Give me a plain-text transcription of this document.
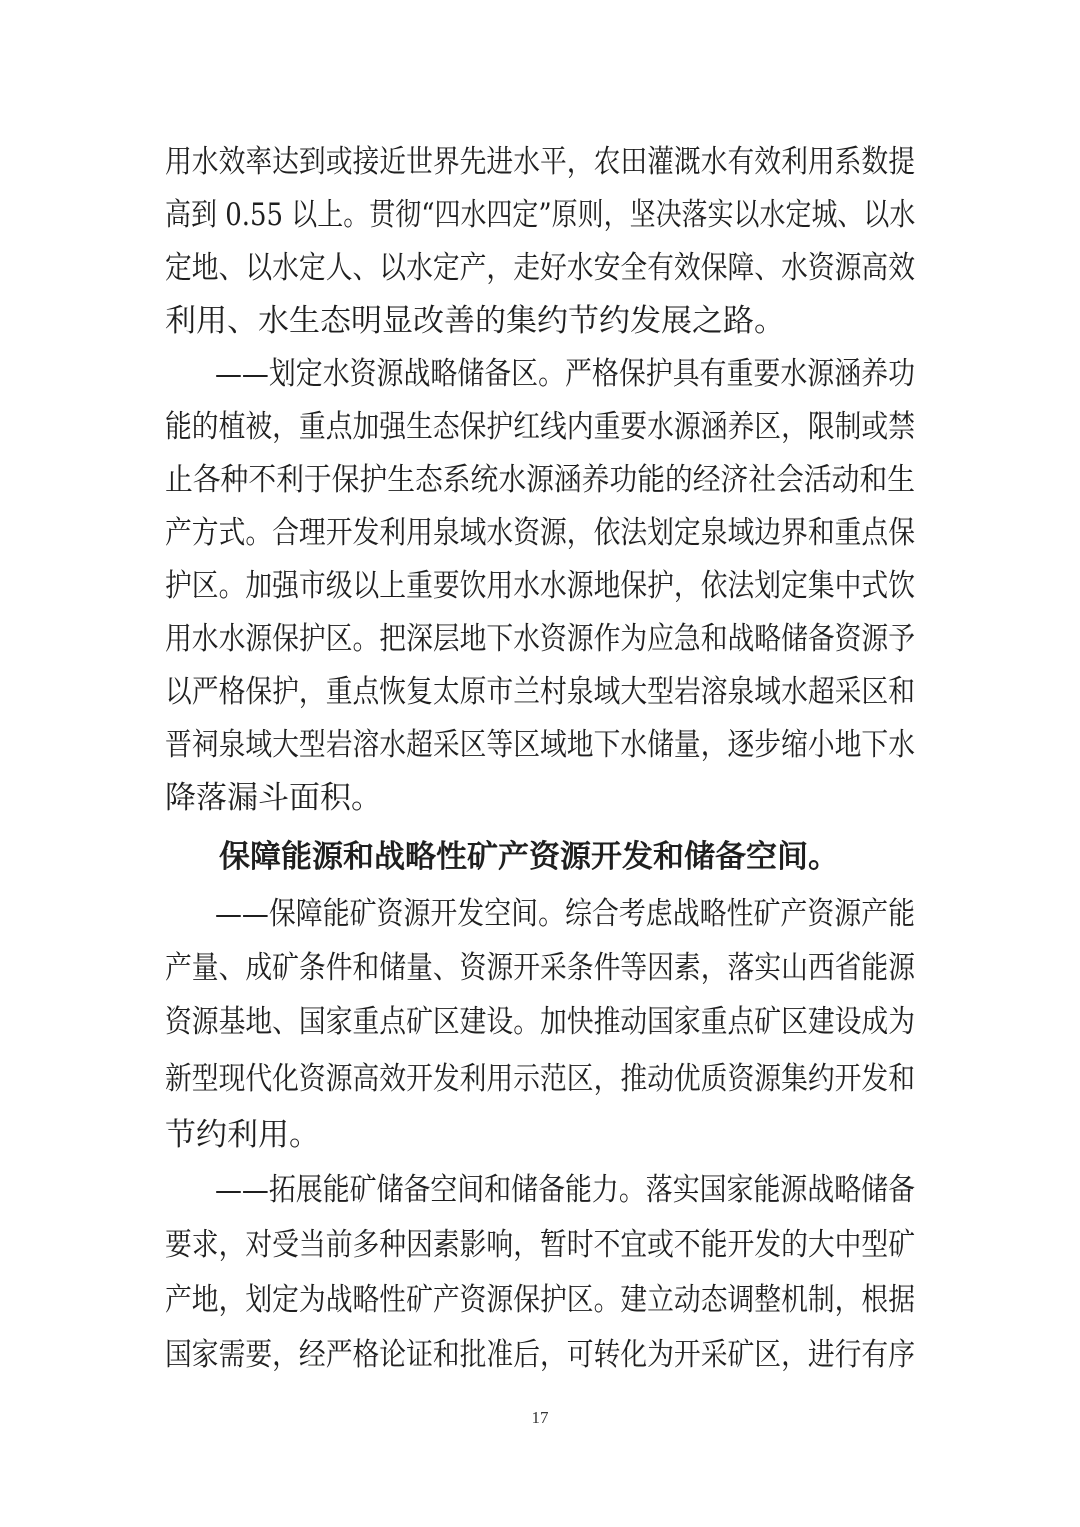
用水效率达到或接近世界先进水平，农田灌溉水有效利用系数提
高到 0.55 以上。贯彻“四水四定”原则，坚决落实以水定城、以水
定地、以水定人、以水定产，走好水安全有效保障、水资源高效
利用、水生态明显改善的集约节约发展之路。
——划定水资源战略储备区。严格保护具有重要水源涵养功
能的植被，重点加强生态保护红线内重要水源涵养区，限制或禁
止各种不利于保护生态系统水源涵养功能的经济社会活动和生
产方式。合理开发利用泉域水资源，依法划定泉域边界和重点保
护区。加强市级以上重要饮用水水源地保护，依法划定集中式饮
用水水源保护区。把深层地下水资源作为应急和战略储备资源予
以严格保护，重点恢复太原市兰村泉域大型岩溶泉域水超采区和
晋祠泉域大型岩溶水超采区等区域地下水储量，逐步缩小地下水
降落漏斗面积。
保障能源和战略性矿产资源开发和储备空间。
——保障能矿资源开发空间。综合考虑战略性矿产资源产能
产量、成矿条件和储量、资源开采条件等因素，落实山西省能源
资源基地、国家重点矿区建设。加快推动国家重点矿区建设成为
新型现代化资源高效开发利用示范区，推动优质资源集约开发和
节约利用。
——拓展能矿储备空间和储备能力。落实国家能源战略储备
要求，对受当前多种因素影响，暂时不宜或不能开发的大中型矿
产地，划定为战略性矿产资源保护区。建立动态调整机制，根据
国家需要，经严格论证和批准后，可转化为开采矿区，进行有序
17
